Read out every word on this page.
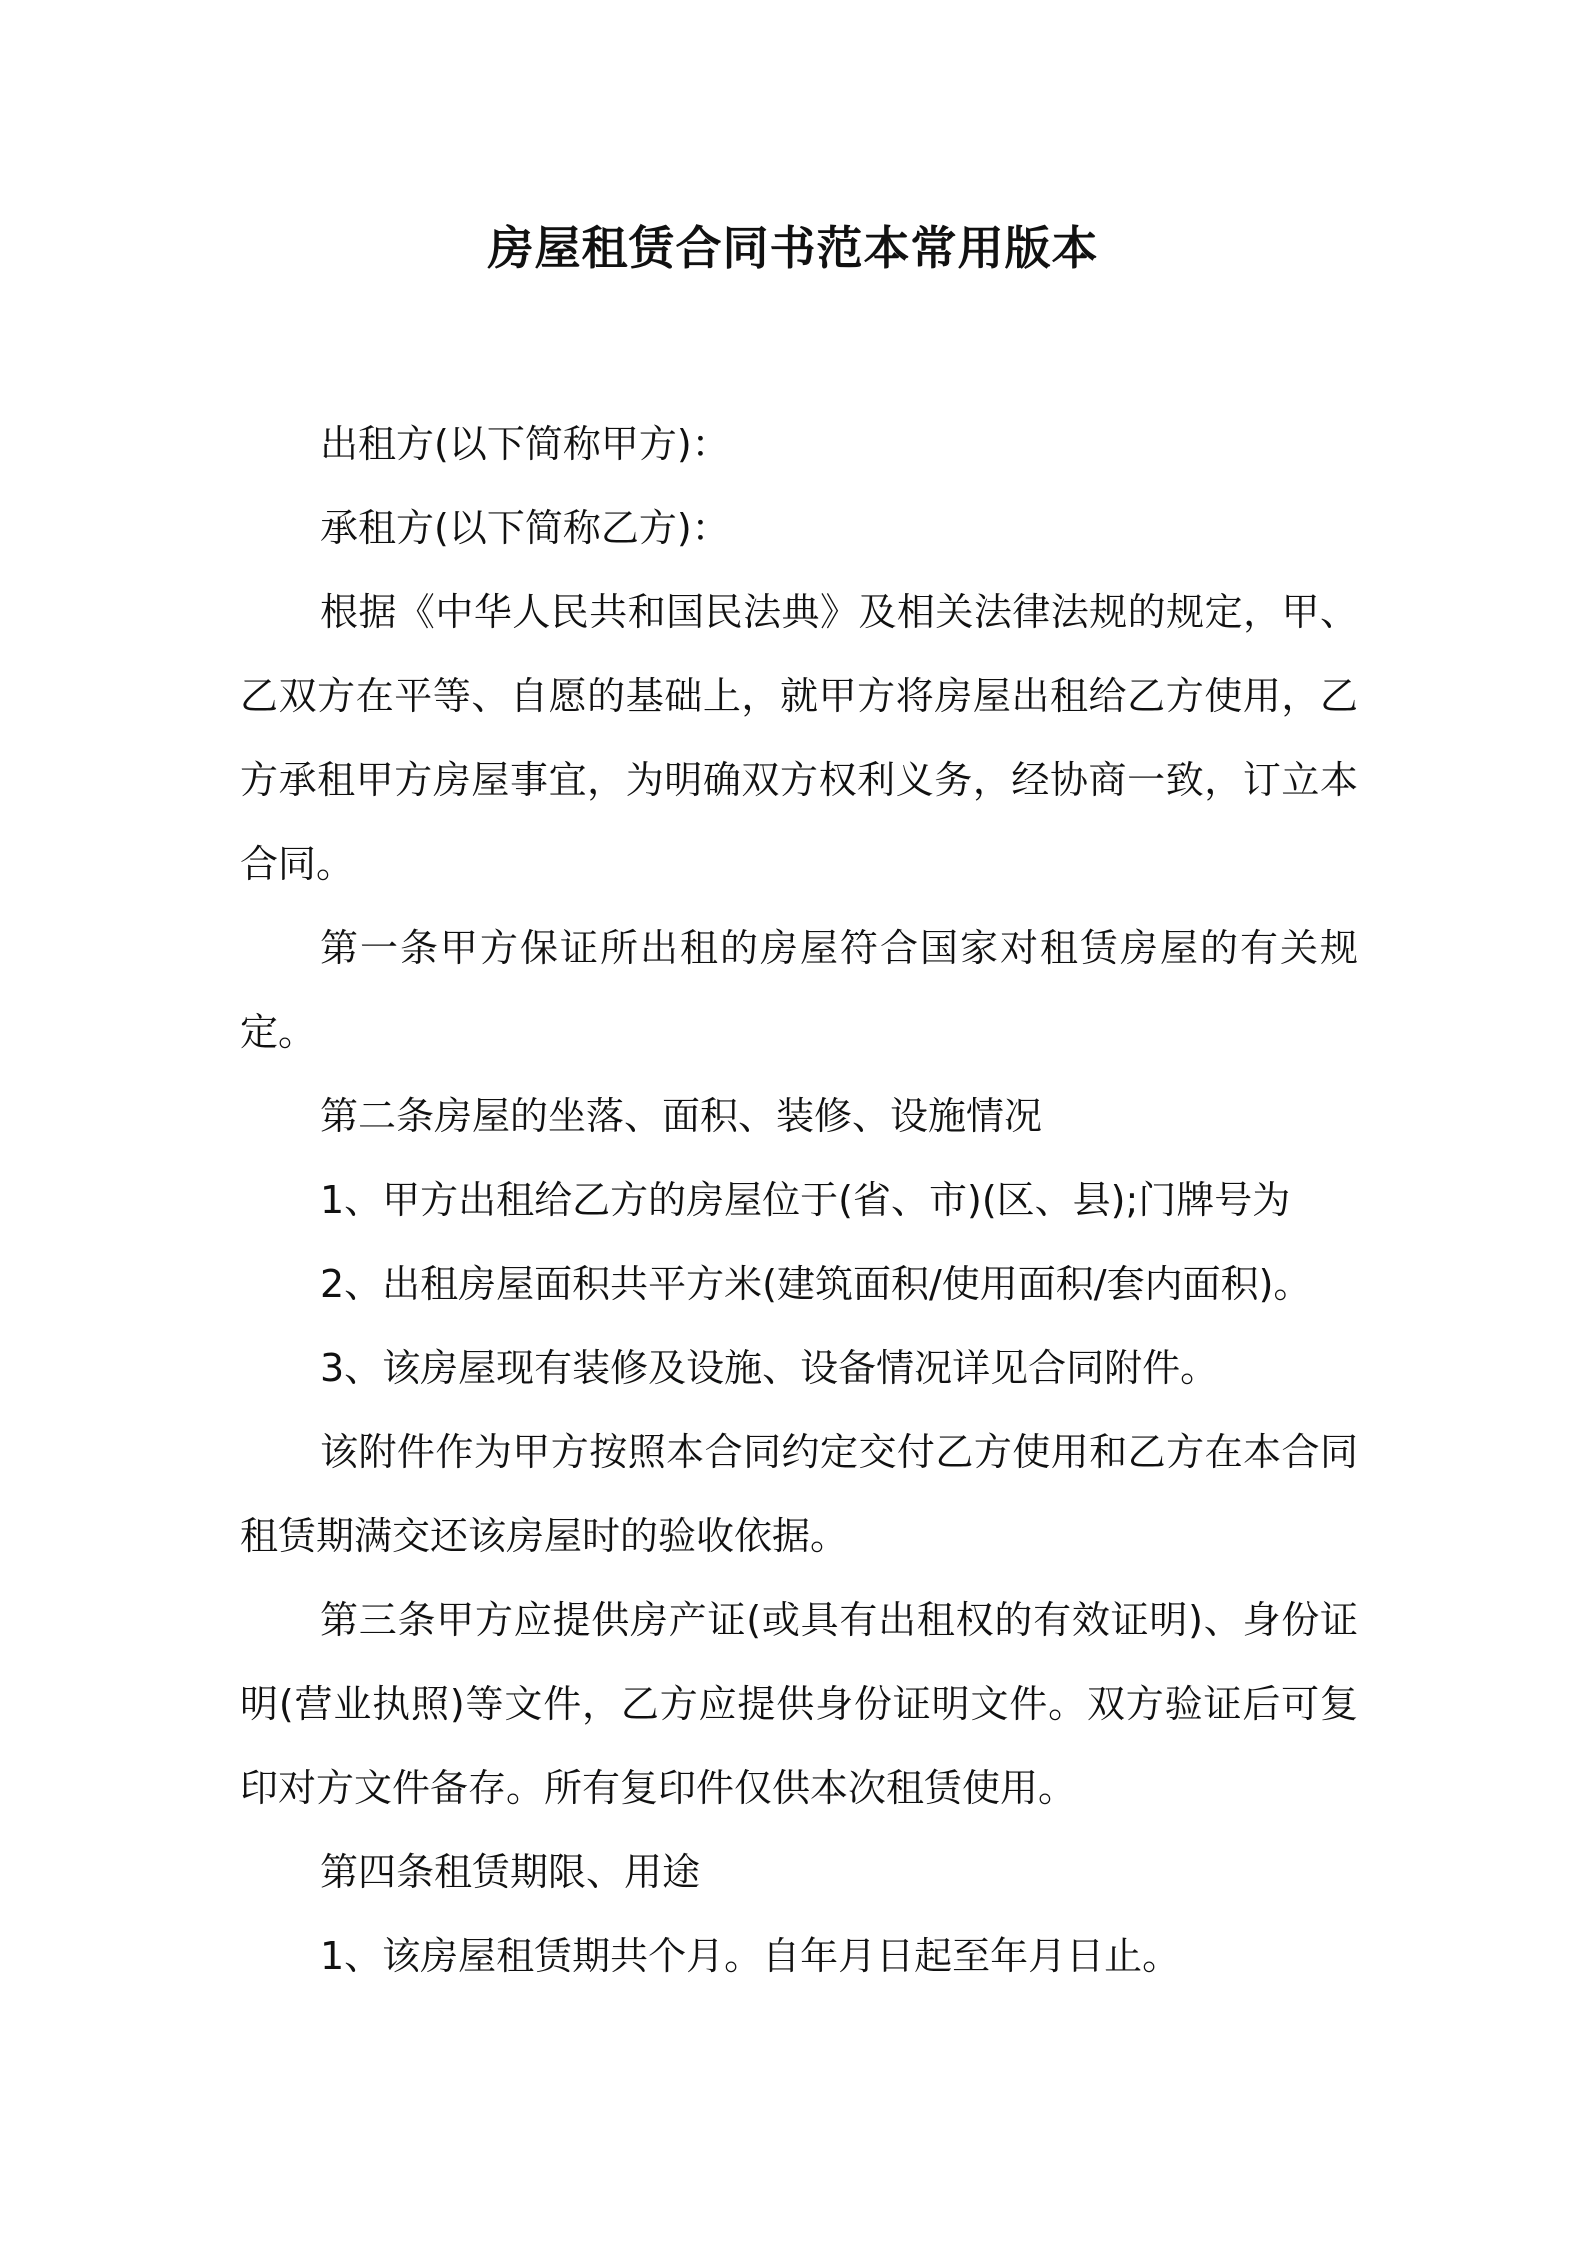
房屋租赁合同书范本常用版本

出租方(以下简称甲方)：

承租方(以下简称乙方)：

根据《中华人民共和国民法典》及相关法律法规的规定，甲、乙双方在平等、自愿的基础上，就甲方将房屋出租给乙方使用，乙方承租甲方房屋事宜，为明确双方权利义务，经协商一致，订立本合同。

第一条甲方保证所出租的房屋符合国家对租赁房屋的有关规定。

第二条房屋的坐落、面积、装修、设施情况

1、甲方出租给乙方的房屋位于(省、市)(区、县);门牌号为

2、出租房屋面积共平方米(建筑面积/使用面积/套内面积)。

3、该房屋现有装修及设施、设备情况详见合同附件。

该附件作为甲方按照本合同约定交付乙方使用和乙方在本合同租赁期满交还该房屋时的验收依据。

第三条甲方应提供房产证(或具有出租权的有效证明)、身份证明(营业执照)等文件，乙方应提供身份证明文件。双方验证后可复印对方文件备存。所有复印件仅供本次租赁使用。

第四条租赁期限、用途

1、该房屋租赁期共个月。自年月日起至年月日止。
